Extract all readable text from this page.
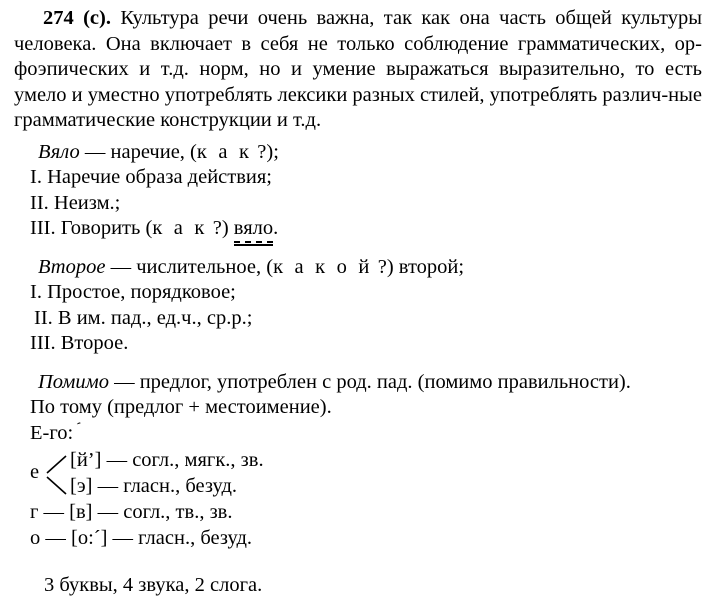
274 (с). Культура речи очень важна, так как она часть общей культуры человека. Она включает в себя не только соблюдение грамматических, ор-фоэпических и т.д. норм, но и умение выражаться выразительно, то есть умело и уместно употреблять лексики разных стилей, употреблять различ-ные грамматические конструкции и т.д.

Вяло — наречие, (к а к ?);
I. Наречие образа действия;
II. Неизм.;
III. Говорить (к а к ?) вяло.
Второе — числительное, (к а к о й ?) второй;
I. Простое, порядковое;
II. В им. пад., ед.ч., ср.р.;
III. Второе.
Помимо — предлог, употреблен с род. пад. (помимо правильности).
По тому (предлог + местоимение).
Е-го:´
е
[й’] — согл., мягк., зв.
[э] — гласн., безуд.
г — [в] — согл., тв., зв.
о — [о:´] — гласн., безуд.
3 буквы, 4 звука, 2 слога.
